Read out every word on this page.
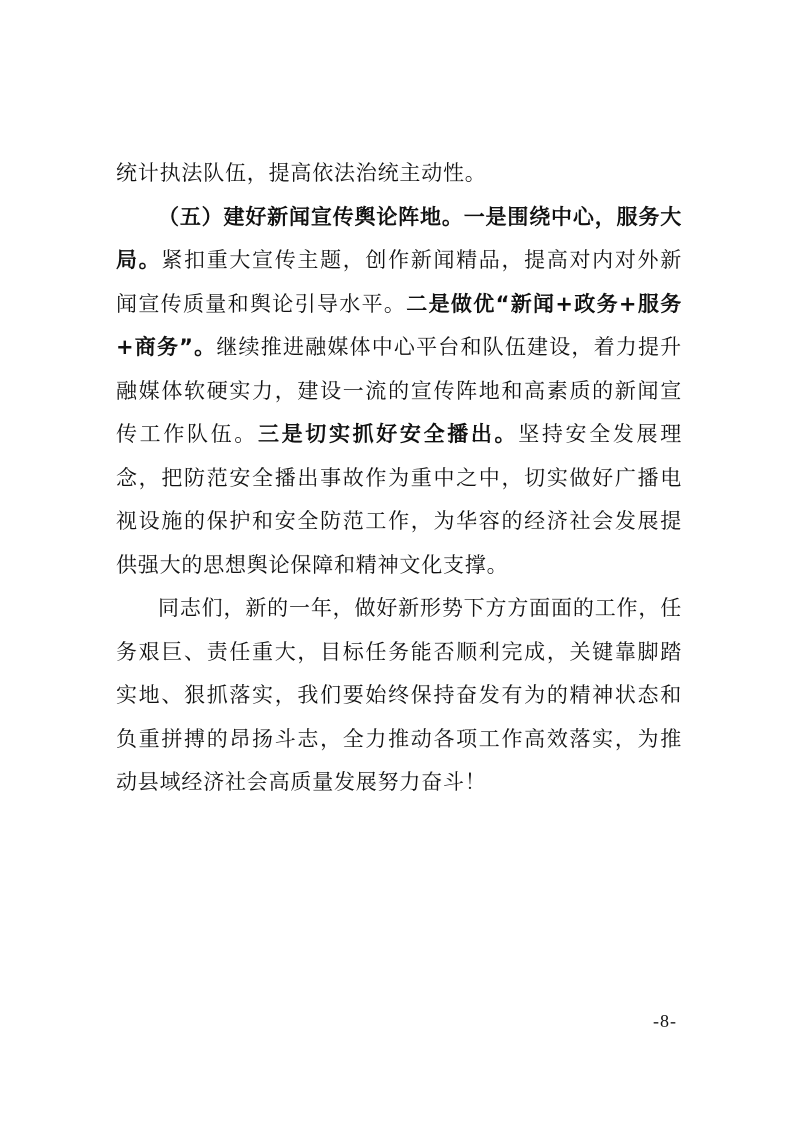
统计执法队伍，提高依法治统主动性。

（五）建好新闻宣传舆论阵地。一是围绕中心，服务大局。紧扣重大宣传主题，创作新闻精品，提高对内对外新闻宣传质量和舆论引导水平。二是做优“新闻+政务+服务+商务”。继续推进融媒体中心平台和队伍建设，着力提升融媒体软硬实力，建设一流的宣传阵地和高素质的新闻宣传工作队伍。三是切实抓好安全播出。坚持安全发展理念，把防范安全播出事故作为重中之中，切实做好广播电视设施的保护和安全防范工作，为华容的经济社会发展提供强大的思想舆论保障和精神文化支撑。

同志们，新的一年，做好新形势下方方面面的工作，任务艰巨、责任重大，目标任务能否顺利完成，关键靠脚踏实地、狠抓落实，我们要始终保持奋发有为的精神状态和负重拼搏的昂扬斗志，全力推动各项工作高效落实，为推动县域经济社会高质量发展努力奋斗！

-8-
